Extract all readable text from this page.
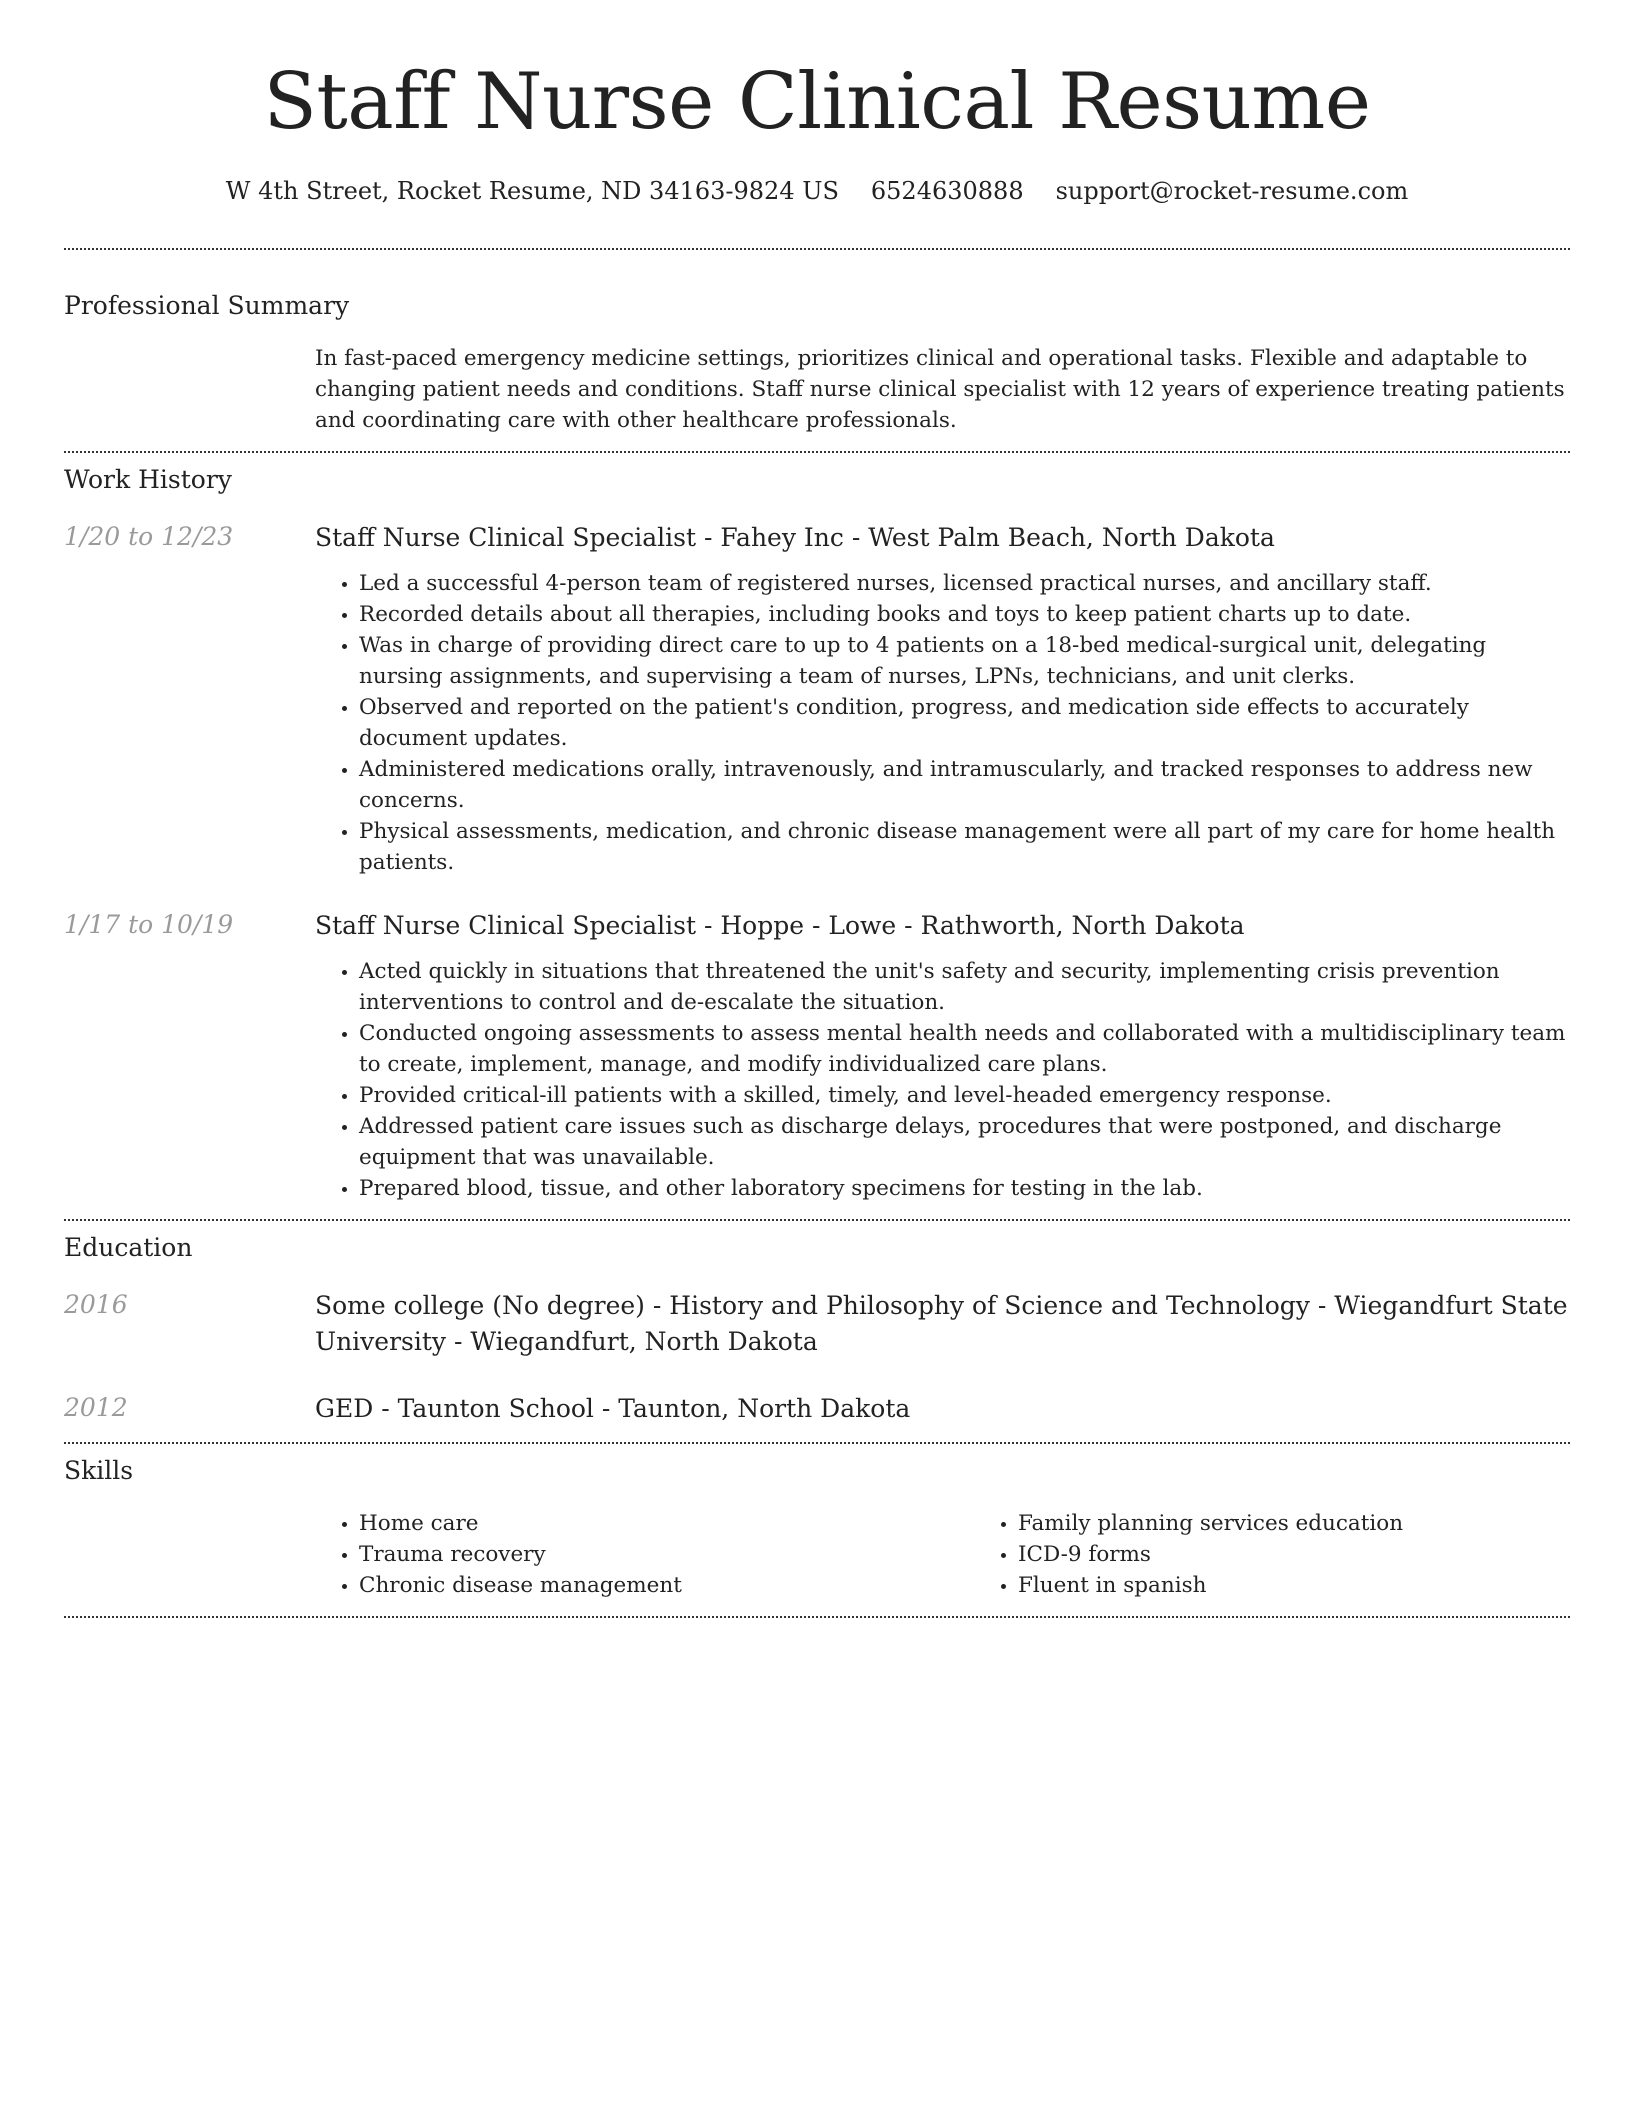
Staff Nurse Clinical Resume
W 4th Street, Rocket Resume, ND 34163-9824 US 6524630888 support@rocket-resume.com
Professional Summary
In fast-paced emergency medicine settings, prioritizes clinical and operational tasks. Flexible and adaptable to changing patient needs and conditions. Staff nurse clinical specialist with 12 years of experience treating patients and coordinating care with other healthcare professionals.
Work History
1/20 to 12/23	Staff Nurse Clinical Specialist - Fahey Inc - West Palm Beach, North Dakota
• Led a successful 4-person team of registered nurses, licensed practical nurses, and ancillary staff.
• Recorded details about all therapies, including books and toys to keep patient charts up to date.
• Was in charge of providing direct care to up to 4 patients on a 18-bed medical-surgical unit, delegating nursing assignments, and supervising a team of nurses, LPNs, technicians, and unit clerks.
• Observed and reported on the patient's condition, progress, and medication side effects to accurately document updates.
• Administered medications orally, intravenously, and intramuscularly, and tracked responses to address new concerns.
• Physical assessments, medication, and chronic disease management were all part of my care for home health patients.
1/17 to 10/19	Staff Nurse Clinical Specialist - Hoppe - Lowe - Rathworth, North Dakota
• Acted quickly in situations that threatened the unit's safety and security, implementing crisis prevention interventions to control and de-escalate the situation.
• Conducted ongoing assessments to assess mental health needs and collaborated with a multidisciplinary team to create, implement, manage, and modify individualized care plans.
• Provided critical-ill patients with a skilled, timely, and level-headed emergency response.
• Addressed patient care issues such as discharge delays, procedures that were postponed, and discharge equipment that was unavailable.
• Prepared blood, tissue, and other laboratory specimens for testing in the lab.
Education
2016	Some college (No degree) - History and Philosophy of Science and Technology - Wiegandfurt State University - Wiegandfurt, North Dakota
2012	GED - Taunton School - Taunton, North Dakota
Skills
• Home care
• Trauma recovery
• Chronic disease management
• Family planning services education
• ICD-9 forms
• Fluent in spanish
